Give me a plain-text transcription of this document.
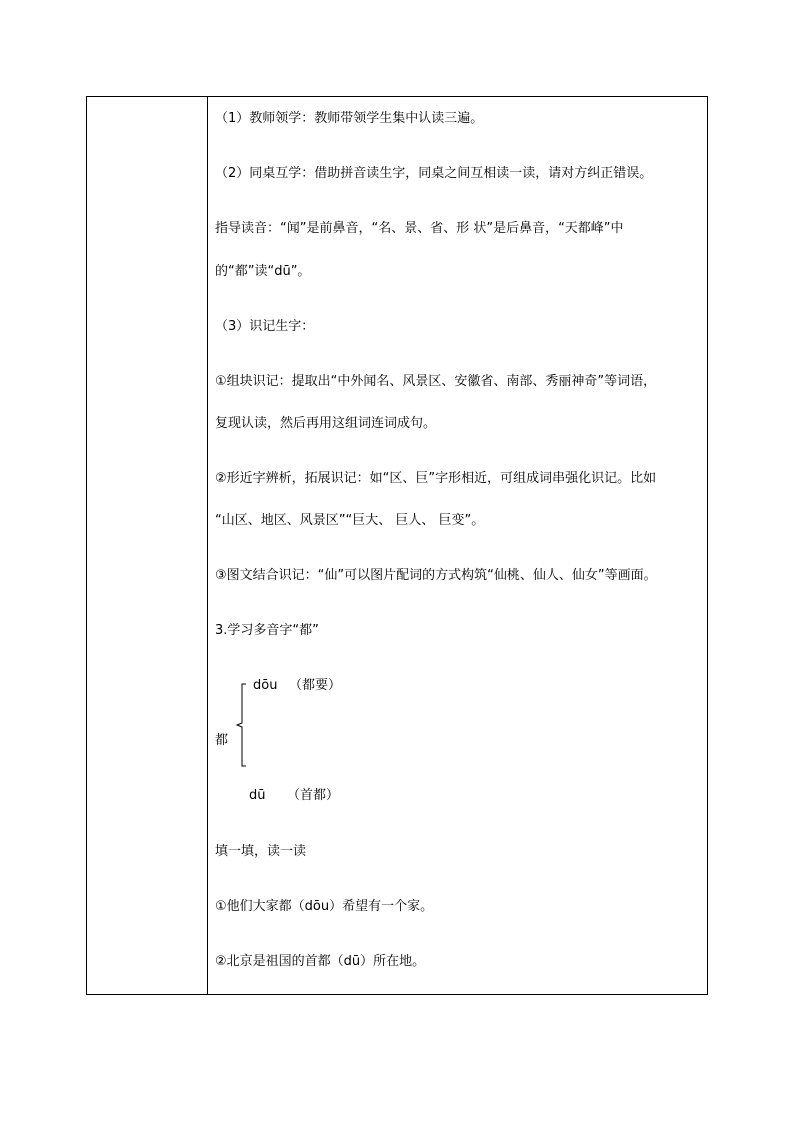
（1）教师领学：教师带领学生集中认读三遍。
（2）同桌互学：借助拼音读生字，同桌之间互相读一读，请对方纠正错误。
指导读音：“闻”是前鼻音，“名、景、省、形 状”是后鼻音，“天都峰”中
的“都”读“dū”。
（3）识记生字：
①组块识记：提取出“中外闻名、风景区、安徽省、南部、秀丽神奇”等词语，
复现认读，然后再用这组词连词成句。
②形近字辨析，拓展识记：如“区、巨”字形相近，可组成词串强化识记。比如
“山区、地区、风景区”“巨大、 巨人、 巨变”。
③图文结合识记：“仙”可以图片配词的方式构筑“仙桃、仙人、仙女”等画面。
3.学习多音字“都”
dōu （都要）
都
dū （首都）
填一填，读一读
①他们大家都（dōu）希望有一个家。
②北京是祖国的首都（dū）所在地。
